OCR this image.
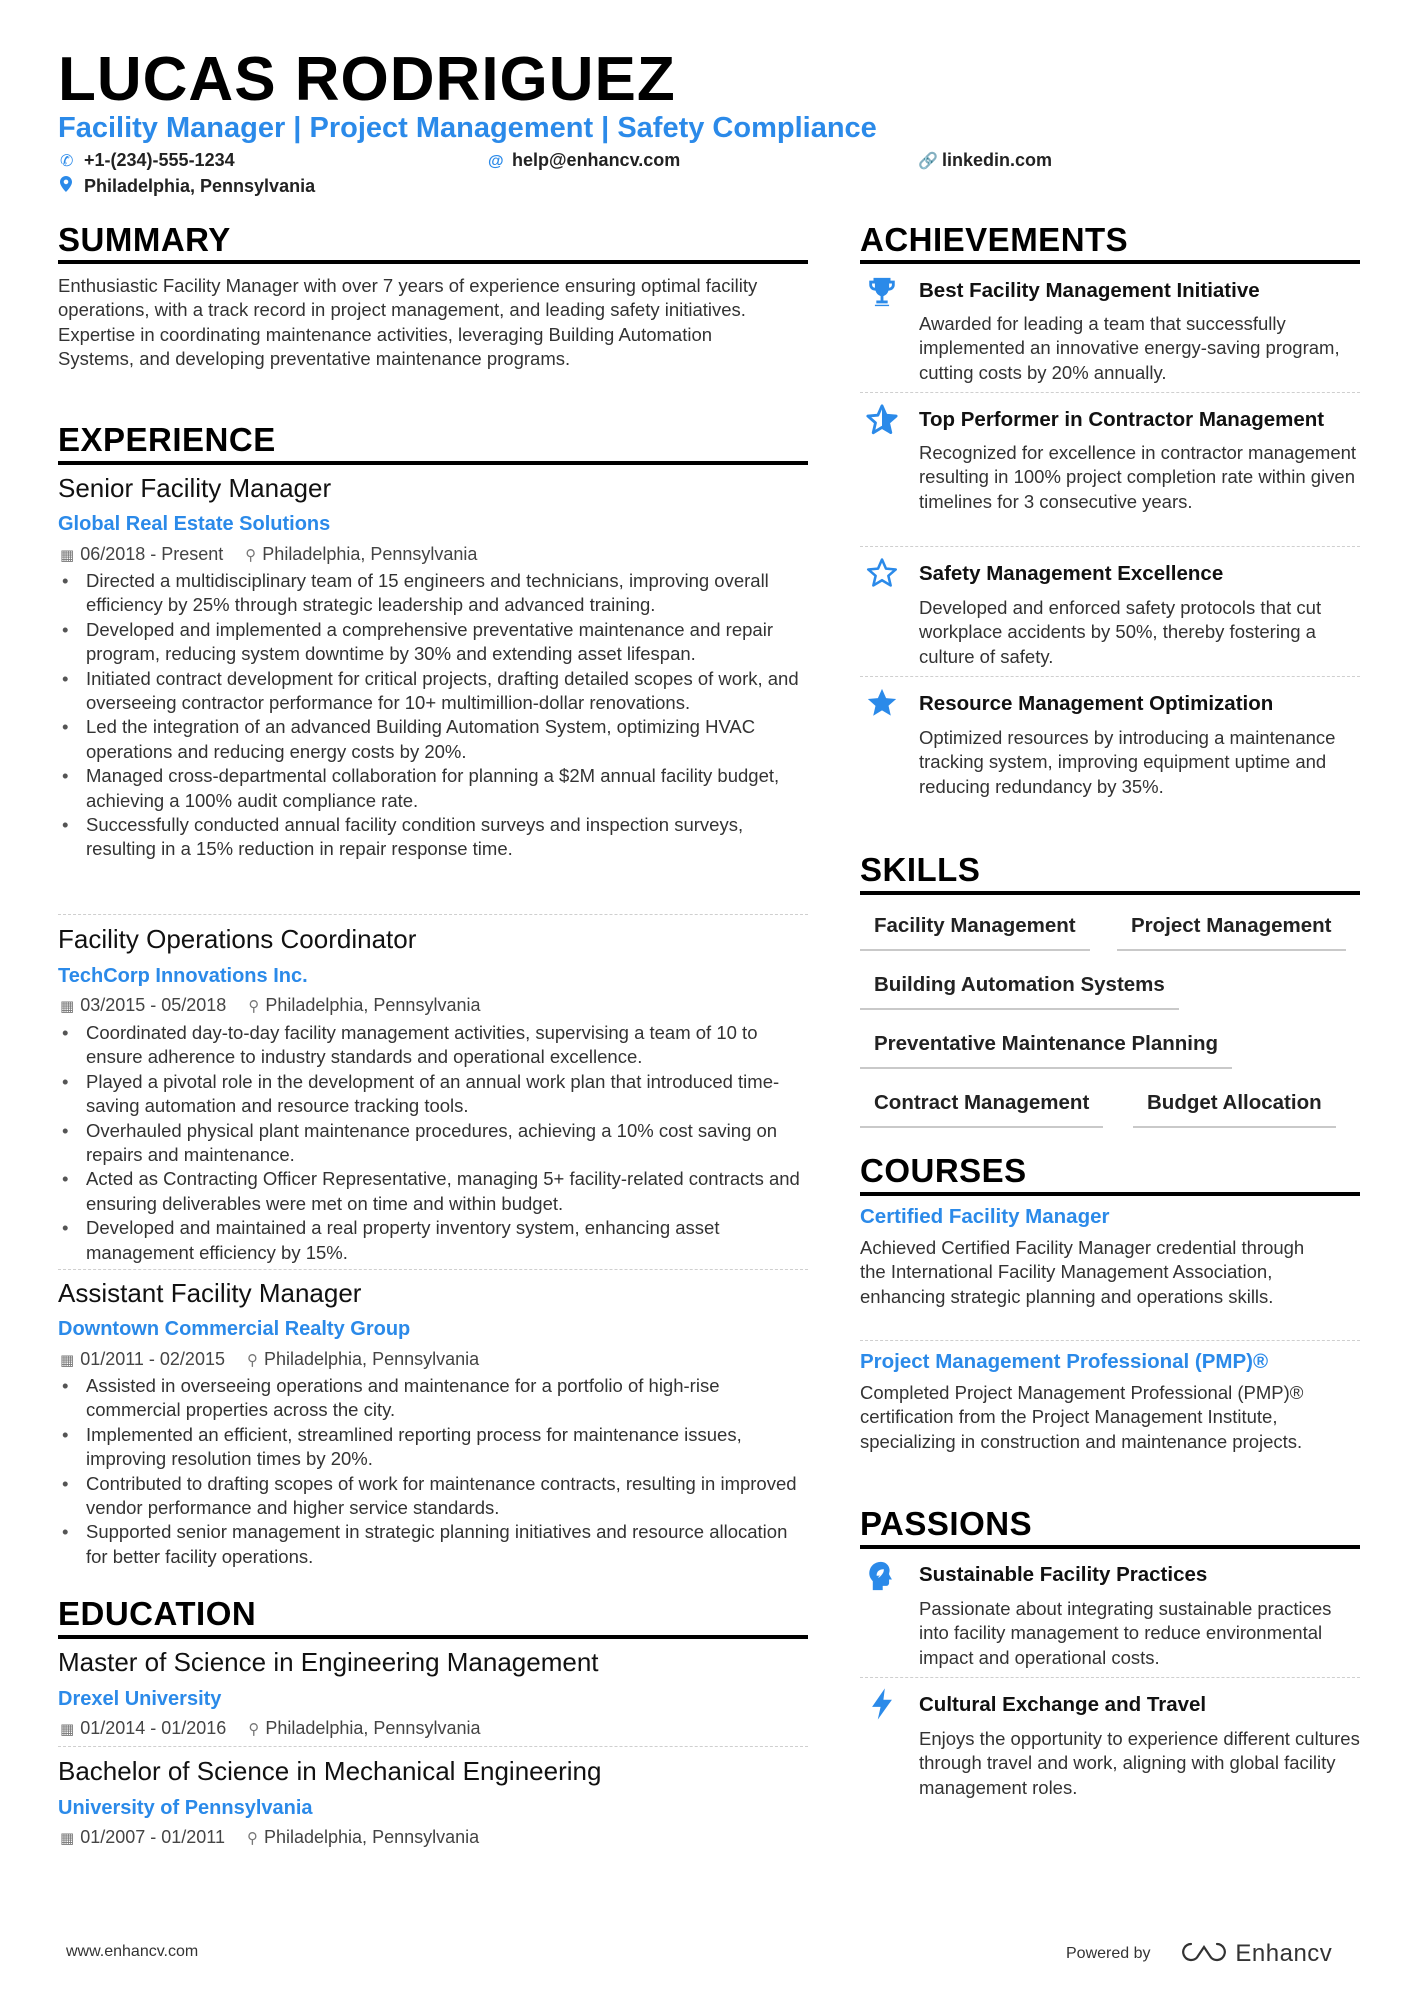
LUCAS RODRIGUEZ
Facility Manager | Project Management | Safety Compliance
✆ +1-(234)-555-1234	@ help@enhancv.com	🔗 linkedin.com
Philadelphia, Pennsylvania
SUMMARY
Enthusiastic Facility Manager with over 7 years of experience ensuring optimal facility operations, with a track record in project management, and leading safety initiatives. Expertise in coordinating maintenance activities, leveraging Building Automation Systems, and developing preventative maintenance programs.
EXPERIENCE
Senior Facility Manager
Global Real Estate Solutions
▦ 06/2018 - Present ⚲ Philadelphia, Pennsylvania
• Directed a multidisciplinary team of 15 engineers and technicians, improving overall efficiency by 25% through strategic leadership and advanced training.
• Developed and implemented a comprehensive preventative maintenance and repair program, reducing system downtime by 30% and extending asset lifespan.
• Initiated contract development for critical projects, drafting detailed scopes of work, and overseeing contractor performance for 10+ multimillion-dollar renovations.
• Led the integration of an advanced Building Automation System, optimizing HVAC operations and reducing energy costs by 20%.
• Managed cross-departmental collaboration for planning a $2M annual facility budget, achieving a 100% audit compliance rate.
• Successfully conducted annual facility condition surveys and inspection surveys, resulting in a 15% reduction in repair response time.
Facility Operations Coordinator
TechCorp Innovations Inc.
▦ 03/2015 - 05/2018 ⚲ Philadelphia, Pennsylvania
• Coordinated day-to-day facility management activities, supervising a team of 10 to ensure adherence to industry standards and operational excellence.
• Played a pivotal role in the development of an annual work plan that introduced time-saving automation and resource tracking tools.
• Overhauled physical plant maintenance procedures, achieving a 10% cost saving on repairs and maintenance.
• Acted as Contracting Officer Representative, managing 5+ facility-related contracts and ensuring deliverables were met on time and within budget.
• Developed and maintained a real property inventory system, enhancing asset management efficiency by 15%.
Assistant Facility Manager
Downtown Commercial Realty Group
▦ 01/2011 - 02/2015 ⚲ Philadelphia, Pennsylvania
• Assisted in overseeing operations and maintenance for a portfolio of high-rise commercial properties across the city.
• Implemented an efficient, streamlined reporting process for maintenance issues, improving resolution times by 20%.
• Contributed to drafting scopes of work for maintenance contracts, resulting in improved vendor performance and higher service standards.
• Supported senior management in strategic planning initiatives and resource allocation for better facility operations.
EDUCATION
Master of Science in Engineering Management
Drexel University
▦ 01/2014 - 01/2016 ⚲ Philadelphia, Pennsylvania
Bachelor of Science in Mechanical Engineering
University of Pennsylvania
▦ 01/2007 - 01/2011 ⚲ Philadelphia, Pennsylvania
ACHIEVEMENTS
Best Facility Management Initiative
Awarded for leading a team that successfully implemented an innovative energy-saving program, cutting costs by 20% annually.
Top Performer in Contractor Management
Recognized for excellence in contractor management resulting in 100% project completion rate within given timelines for 3 consecutive years.
Safety Management Excellence
Developed and enforced safety protocols that cut workplace accidents by 50%, thereby fostering a culture of safety.
Resource Management Optimization
Optimized resources by introducing a maintenance tracking system, improving equipment uptime and reducing redundancy by 35%.
SKILLS
Facility Management	Project Management
Building Automation Systems
Preventative Maintenance Planning
Contract Management	Budget Allocation
COURSES
Certified Facility Manager
Achieved Certified Facility Manager credential through the International Facility Management Association, enhancing strategic planning and operations skills.
Project Management Professional (PMP)®
Completed Project Management Professional (PMP)® certification from the Project Management Institute, specializing in construction and maintenance projects.
PASSIONS
Sustainable Facility Practices
Passionate about integrating sustainable practices into facility management to reduce environmental impact and operational costs.
Cultural Exchange and Travel
Enjoys the opportunity to experience different cultures through travel and work, aligning with global facility management roles.
www.enhancv.com	Powered by	Enhancv
